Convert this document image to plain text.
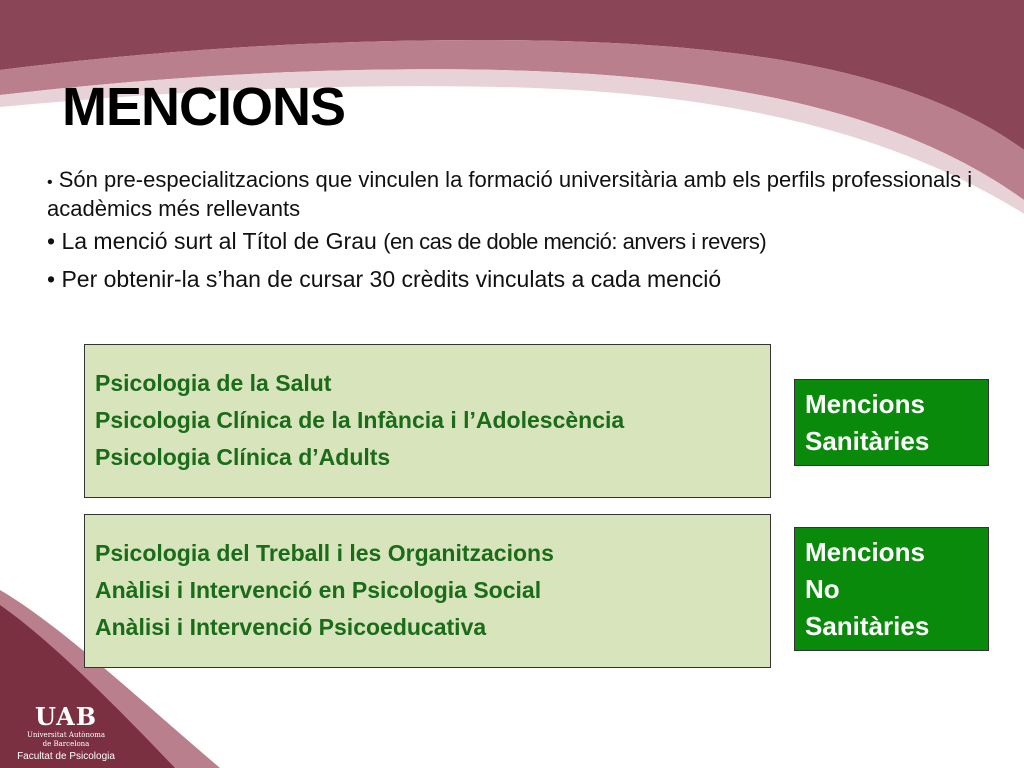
MENCIONS

• Són pre-especialitzacions que vinculen la formació universitària amb els perfils professionals i acadèmics més rellevants

• La menció surt al Títol de Grau (en cas de doble menció: anvers i revers)

• Per obtenir-la s’han de cursar 30 crèdits vinculats a cada menció

Psicologia de la Salut

Psicologia Clínica de la Infància i l’Adolescència

Psicologia Clínica d’Adults

Mencions
Sanitàries

Psicologia del Treball i les Organitzacions

Anàlisi i Intervenció en Psicologia Social

Anàlisi i Intervenció Psicoeducativa

Mencions
No
Sanitàries

UAB

Universitat Autònoma

de Barcelona

Facultat de Psicologia
